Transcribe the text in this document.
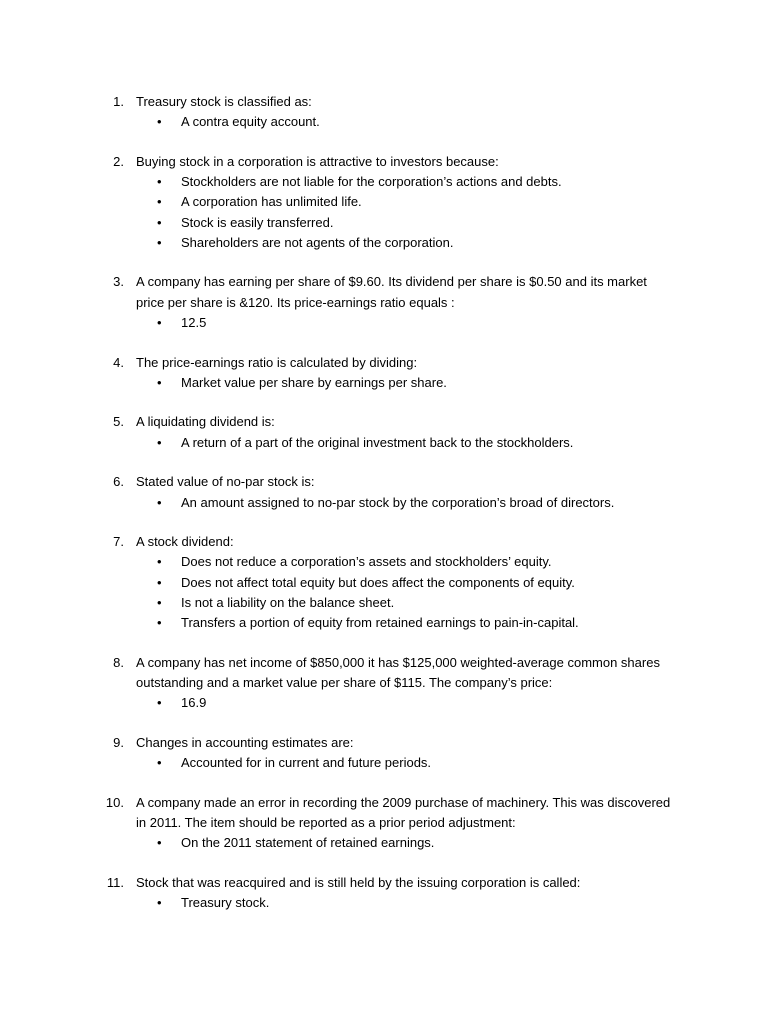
1. Treasury stock is classified as:
• A contra equity account.
2. Buying stock in a corporation is attractive to investors because:
• Stockholders are not liable for the corporation’s actions and debts.
• A corporation has unlimited life.
• Stock is easily transferred.
• Shareholders are not agents of the corporation.
3. A company has earning per share of $9.60. Its dividend per share is $0.50 and its market price per share is &120. Its price-earnings ratio equals :
• 12.5
4. The price-earnings ratio is calculated by dividing:
• Market value per share by earnings per share.
5. A liquidating dividend is:
• A return of a part of the original investment back to the stockholders.
6. Stated value of no-par stock is:
• An amount assigned to no-par stock by the corporation’s broad of directors.
7. A stock dividend:
• Does not reduce a corporation’s assets and stockholders’ equity.
• Does not affect total equity but does affect the components of equity.
• Is not a liability on the balance sheet.
• Transfers a portion of equity from retained earnings to pain-in-capital.
8. A company has net income of $850,000 it has $125,000 weighted-average common shares outstanding and a market value per share of $115. The company’s price:
• 16.9
9. Changes in accounting estimates are:
• Accounted for in current and future periods.
10. A company made an error in recording the 2009 purchase of machinery. This was discovered in 2011. The item should be reported as a prior period adjustment:
• On the 2011 statement of retained earnings.
11. Stock that was reacquired and is still held by the issuing corporation is called:
• Treasury stock.
